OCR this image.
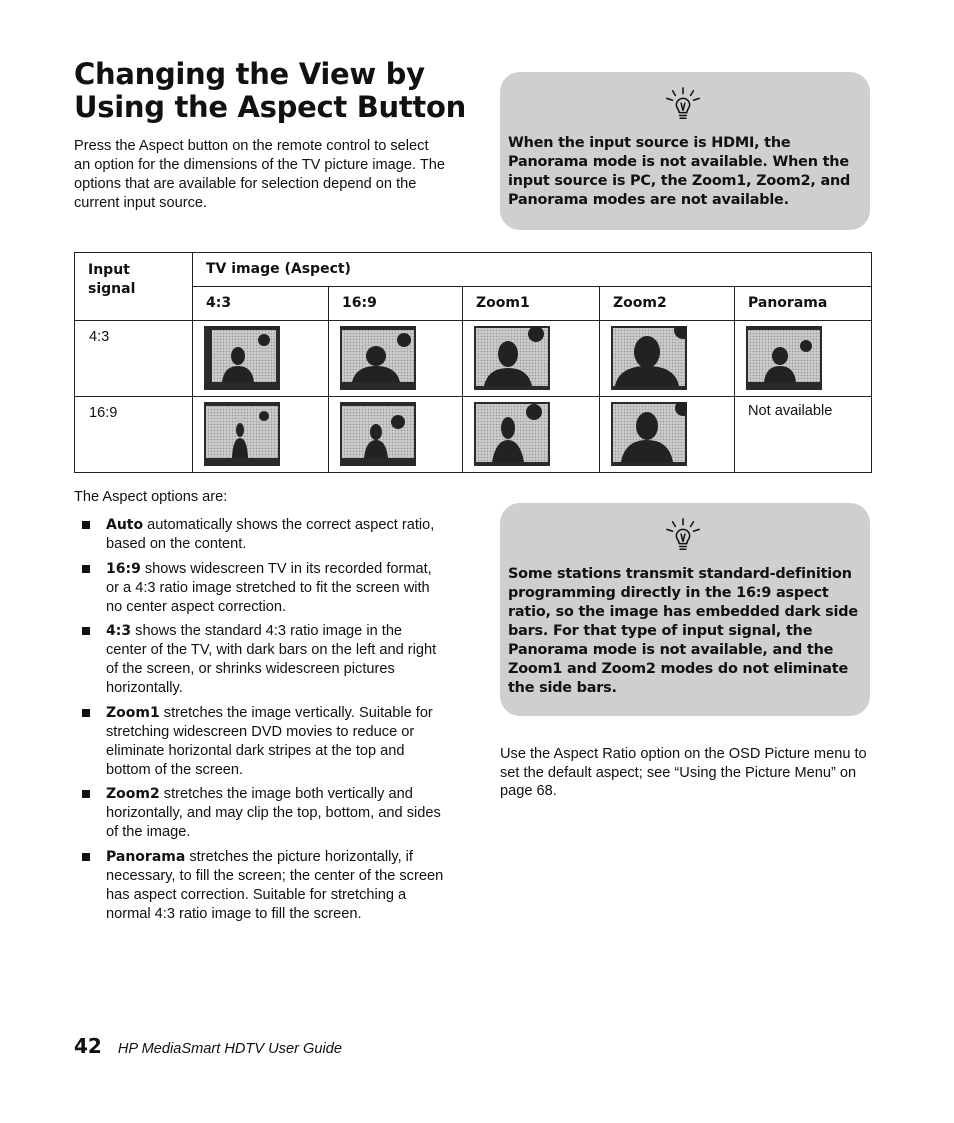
Changing the View by Using the Aspect Button

Press the Aspect button on the remote control to select an option for the dimensions of the TV picture image. The options that are available for selection depend on the current input source.

When the input source is HDMI, the Panorama mode is not available. When the input source is PC, the Zoom1, Zoom2, and Panorama modes are not available.
Input signal	TV image (Aspect)				
	4:3	16:9	Zoom1	Zoom2	Panorama
4:3	

16:9					Not available

The Aspect options are:

Auto automatically shows the correct aspect ratio, based on the content.
16:9 shows widescreen TV in its recorded format, or a 4:3 ratio image stretched to fit the screen with no center aspect correction.
4:3 shows the standard 4:3 ratio image in the center of the TV, with dark bars on the left and right of the screen, or shrinks widescreen pictures horizontally.
Zoom1 stretches the image vertically. Suitable for stretching widescreen DVD movies to reduce or eliminate horizontal dark stripes at the top and bottom of the screen.
Zoom2 stretches the image both vertically and horizontally, and may clip the top, bottom, and sides of the image.
Panorama stretches the picture horizontally, if necessary, to fill the screen; the center of the screen has aspect correction. Suitable for stretching a normal 4:3 ratio image to fill the screen.
Some stations transmit standard-definition programming directly in the 16:9 aspect ratio, so the image has embedded dark side bars. For that type of input signal, the Panorama mode is not available, and the Zoom1 and Zoom2 modes do not eliminate the side bars.

Use the Aspect Ratio option on the OSD Picture menu to set the default aspect; see “Using the Picture Menu” on page 68.

42 HP MediaSmart HDTV User Guide
